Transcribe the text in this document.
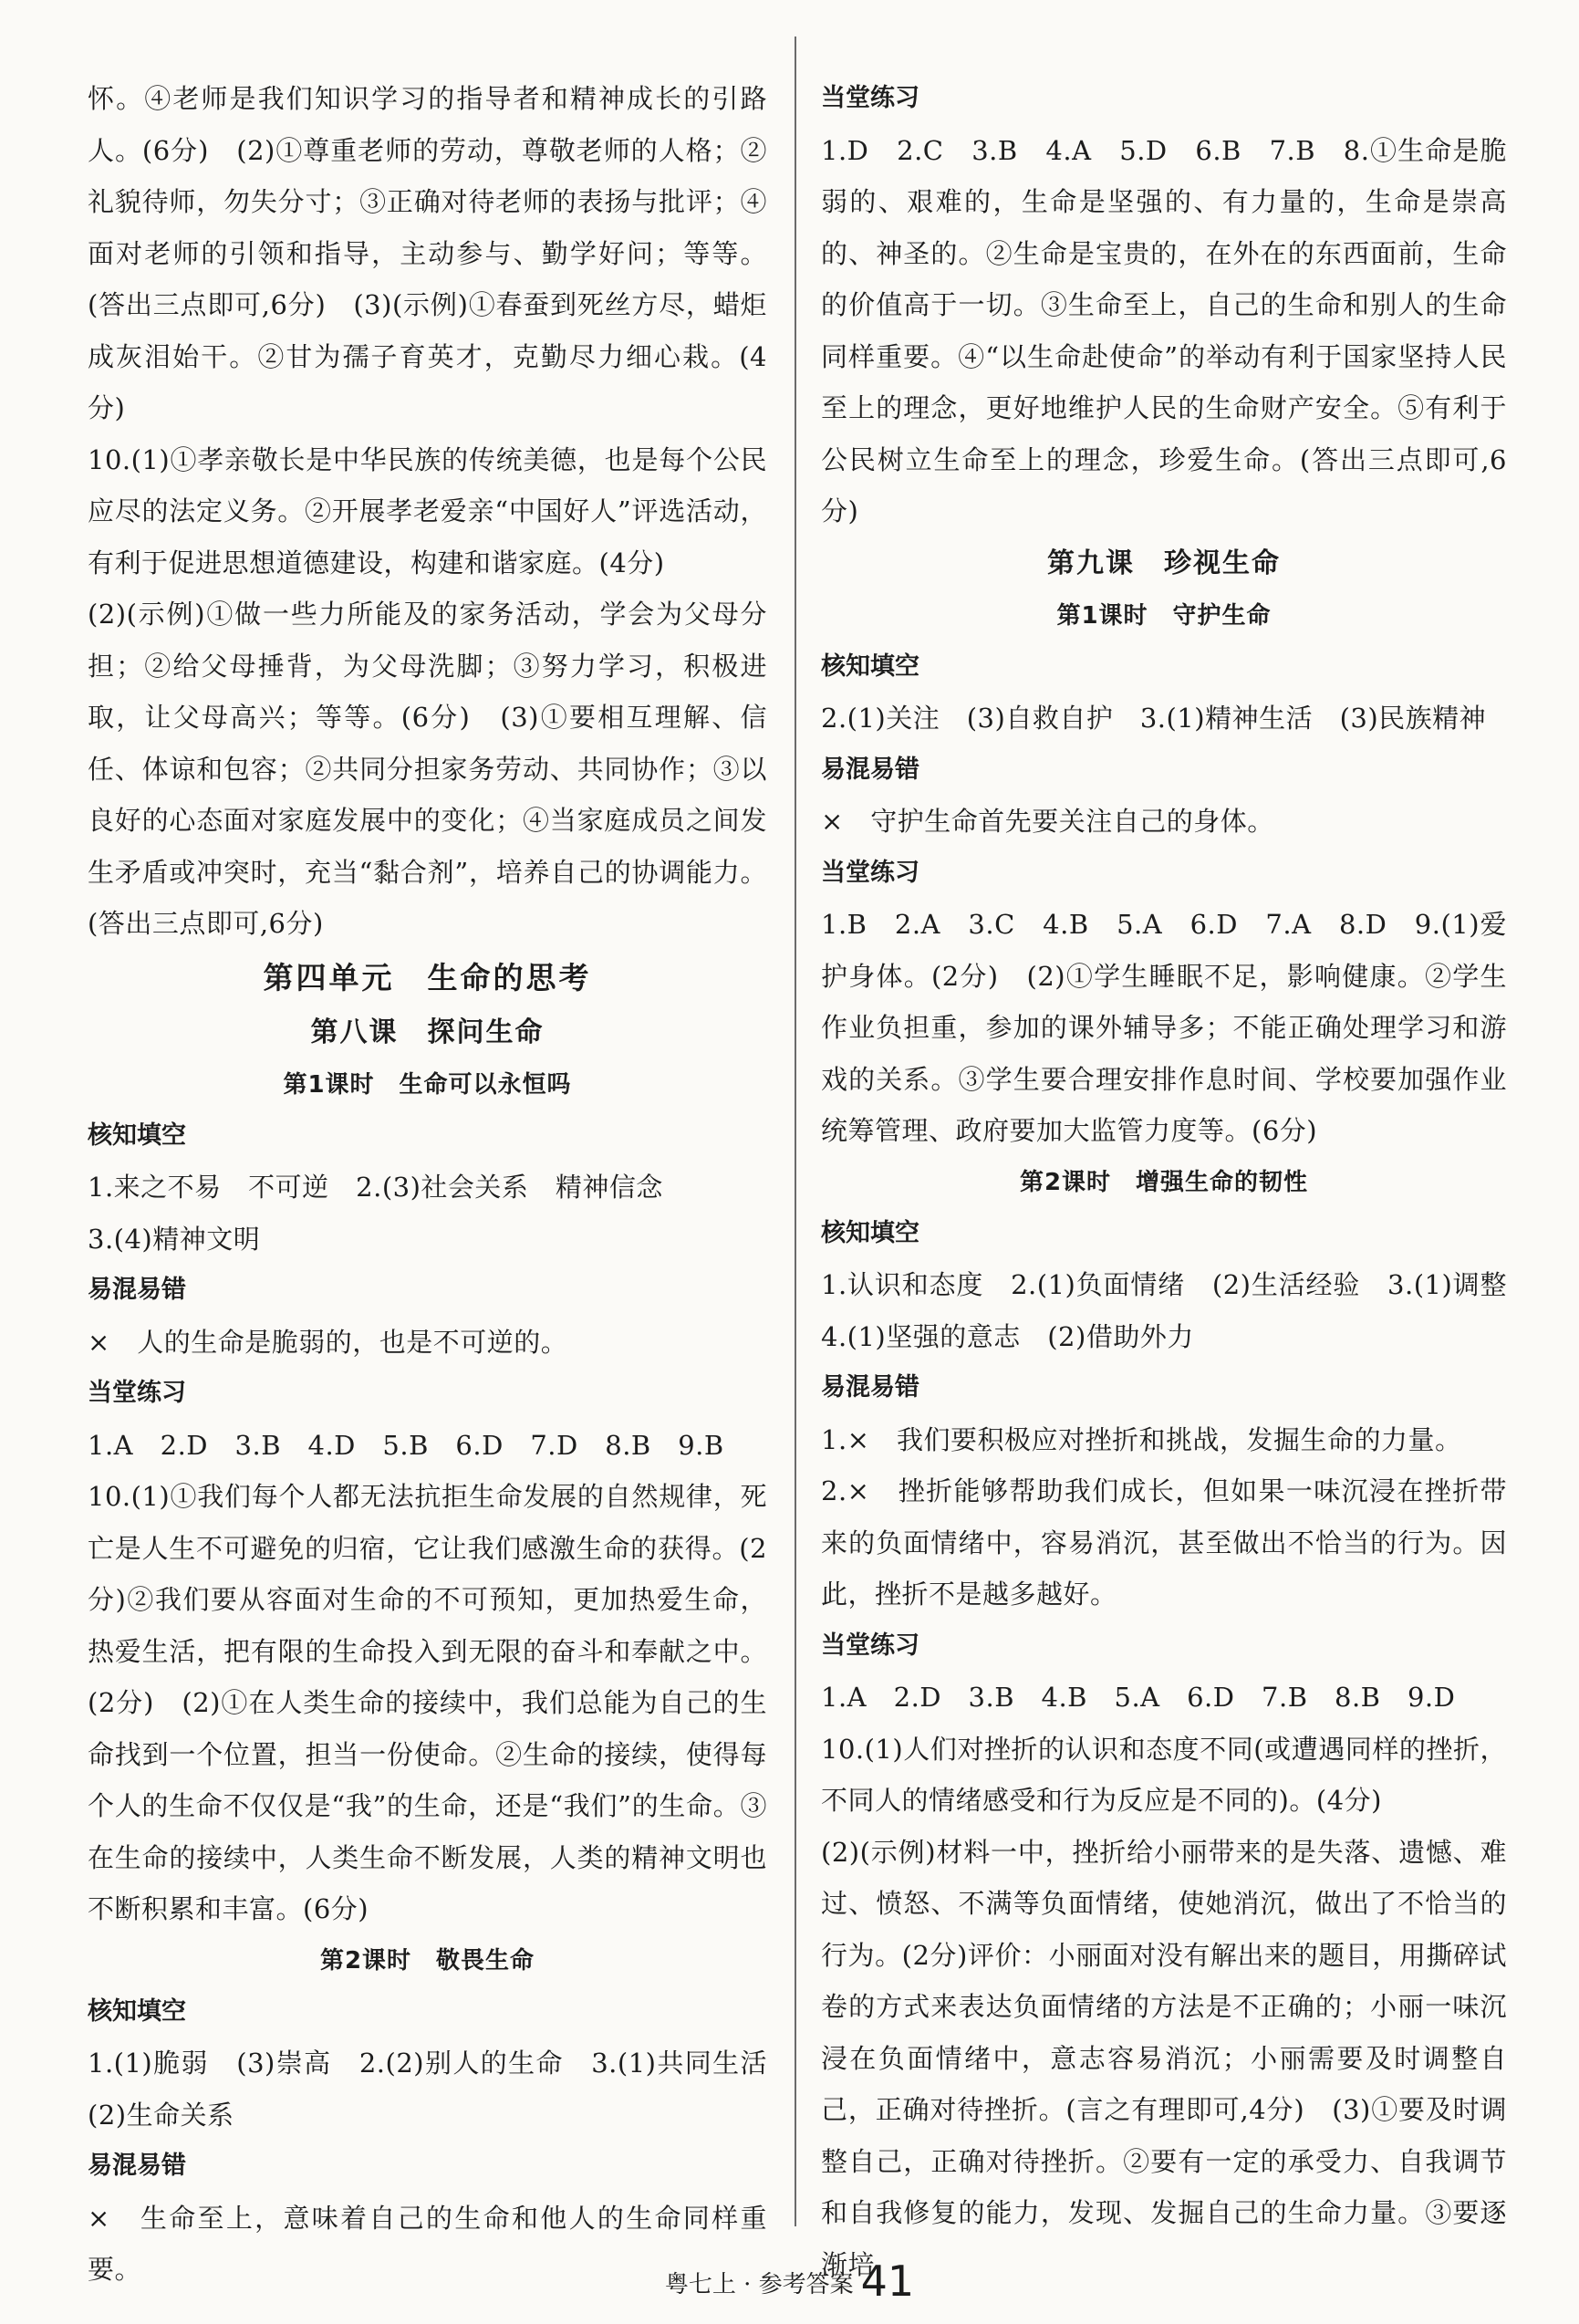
怀。④老师是我们知识学习的指导者和精神成长的引路人。(6分)　(2)①尊重老师的劳动，尊敬老师的人格；②礼貌待师，勿失分寸；③正确对待老师的表扬与批评；④面对老师的引领和指导，主动参与、勤学好问；等等。(答出三点即可,6分)　(3)(示例)①春蚕到死丝方尽，蜡炬成灰泪始干。②甘为孺子育英才，克勤尽力细心栽。(4分)

10.(1)①孝亲敬长是中华民族的传统美德，也是每个公民应尽的法定义务。②开展孝老爱亲“中国好人”评选活动，有利于促进思想道德建设，构建和谐家庭。(4分)

(2)(示例)①做一些力所能及的家务活动，学会为父母分担；②给父母捶背，为父母洗脚；③努力学习，积极进取，让父母高兴；等等。(6分)　(3)①要相互理解、信任、体谅和包容；②共同分担家务劳动、共同协作；③以良好的心态面对家庭发展中的变化；④当家庭成员之间发生矛盾或冲突时，充当“黏合剂”，培养自己的协调能力。(答出三点即可,6分)

第四单元　生命的思考

第八课　探问生命

第1课时　生命可以永恒吗

核知填空

1.来之不易　不可逆　2.(3)社会关系　精神信念

3.(4)精神文明

易混易错

×　人的生命是脆弱的，也是不可逆的。

当堂练习

1.A　2.D　3.B　4.D　5.B　6.D　7.D　8.B　9.B

10.(1)①我们每个人都无法抗拒生命发展的自然规律，死亡是人生不可避免的归宿，它让我们感激生命的获得。(2分)②我们要从容面对生命的不可预知，更加热爱生命，热爱生活，把有限的生命投入到无限的奋斗和奉献之中。(2分)　(2)①在人类生命的接续中，我们总能为自己的生命找到一个位置，担当一份使命。②生命的接续，使得每个人的生命不仅仅是“我”的生命，还是“我们”的生命。③在生命的接续中，人类生命不断发展，人类的精神文明也不断积累和丰富。(6分)

第2课时　敬畏生命

核知填空

1.(1)脆弱　(3)崇高　2.(2)别人的生命　3.(1)共同生活　(2)生命关系

易混易错

×　生命至上，意味着自己的生命和他人的生命同样重要。

当堂练习

1.D　2.C　3.B　4.A　5.D　6.B　7.B　8.①生命是脆弱的、艰难的，生命是坚强的、有力量的，生命是崇高的、神圣的。②生命是宝贵的，在外在的东西面前，生命的价值高于一切。③生命至上，自己的生命和别人的生命同样重要。④“以生命赴使命”的举动有利于国家坚持人民至上的理念，更好地维护人民的生命财产安全。⑤有利于公民树立生命至上的理念，珍爱生命。(答出三点即可,6分)

第九课　珍视生命

第1课时　守护生命

核知填空

2.(1)关注　(3)自救自护　3.(1)精神生活　(3)民族精神

易混易错

×　守护生命首先要关注自己的身体。

当堂练习

1.B　2.A　3.C　4.B　5.A　6.D　7.A　8.D　9.(1)爱护身体。(2分)　(2)①学生睡眠不足，影响健康。②学生作业负担重，参加的课外辅导多；不能正确处理学习和游戏的关系。③学生要合理安排作息时间、学校要加强作业统筹管理、政府要加大监管力度等。(6分)

第2课时　增强生命的韧性

核知填空

1.认识和态度　2.(1)负面情绪　(2)生活经验　3.(1)调整　4.(1)坚强的意志　(2)借助外力

易混易错

1.×　我们要积极应对挫折和挑战，发掘生命的力量。

2.×　挫折能够帮助我们成长，但如果一味沉浸在挫折带来的负面情绪中，容易消沉，甚至做出不恰当的行为。因此，挫折不是越多越好。

当堂练习

1.A　2.D　3.B　4.B　5.A　6.D　7.B　8.B　9.D

10.(1)人们对挫折的认识和态度不同(或遭遇同样的挫折，不同人的情绪感受和行为反应是不同的)。(4分)

(2)(示例)材料一中，挫折给小丽带来的是失落、遗憾、难过、愤怒、不满等负面情绪，使她消沉，做出了不恰当的行为。(2分)评价：小丽面对没有解出来的题目，用撕碎试卷的方式来表达负面情绪的方法是不正确的；小丽一味沉浸在负面情绪中，意志容易消沉；小丽需要及时调整自己，正确对待挫折。(言之有理即可,4分)　(3)①要及时调整自己，正确对待挫折。②要有一定的承受力、自我调节和自我修复的能力，发现、发掘自己的生命力量。③要逐渐培

粤七上 · 参考答案 41
